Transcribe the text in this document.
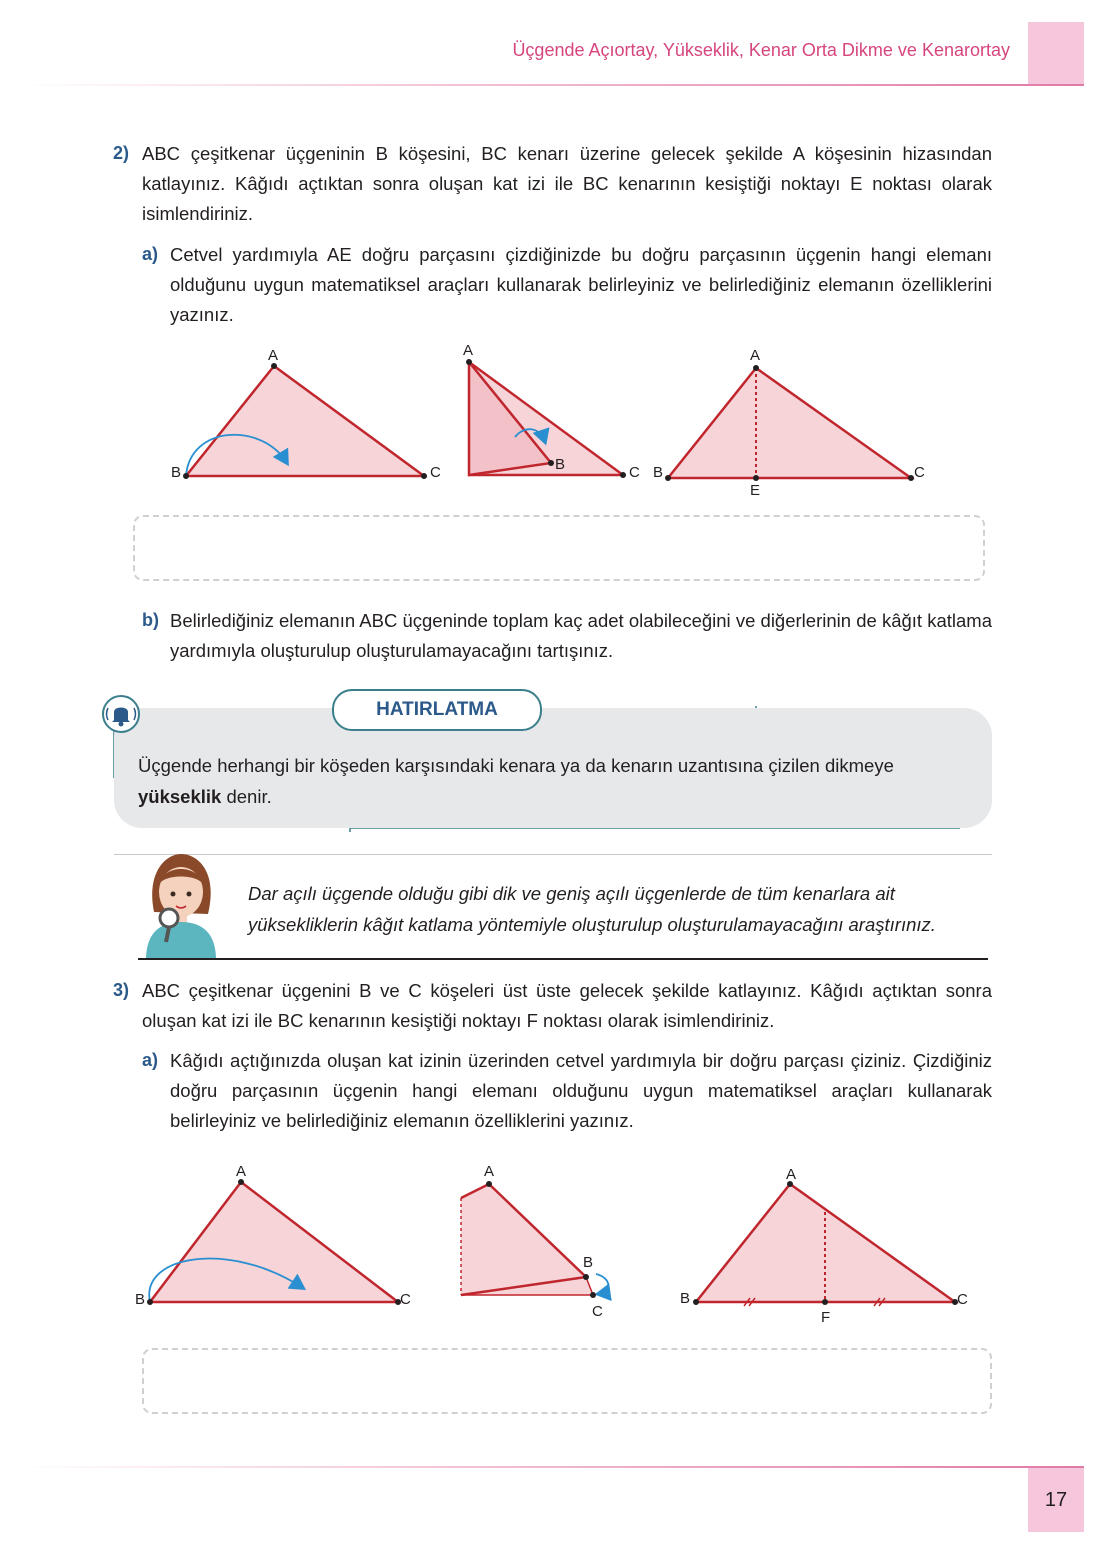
Üçgende Açıortay, Yükseklik, Kenar Orta Dikme ve Kenarortay
2) ABC çeşitkenar üçgeninin B köşesini, BC kenarı üzerine gelecek şekilde A köşesinin hizasından katlayınız. Kâğıdı açtıktan sonra oluşan kat izi ile BC kenarının kesiştiği noktayı E noktası olarak isimlendiriniz.
a) Cetvel yardımıyla AE doğru parçasını çizdiğinizde bu doğru parçasının üçgenin hangi elemanı olduğunu uygun matematiksel araçları kullanarak belirleyiniz ve belirlediğiniz elemanın özelliklerini yazınız.
A
B	C
A
B	C
A
B	C
E
b) Belirlediğiniz elemanın ABC üçgeninde toplam kaç adet olabileceğini ve diğerlerinin de kâğıt katlama yardımıyla oluşturulup oluşturulamayacağını tartışınız.
HATIRLATMA
Üçgende herhangi bir köşeden karşısındaki kenara ya da kenarın uzantısına çizilen dikmeye yükseklik denir.
Dar açılı üçgende olduğu gibi dik ve geniş açılı üçgenlerde de tüm kenarlara ait yüksekliklerin kâğıt katlama yöntemiyle oluşturulup oluşturulamayacağını araştırınız.
3) ABC çeşitkenar üçgenini B ve C köşeleri üst üste gelecek şekilde katlayınız. Kâğıdı açtıktan sonra oluşan kat izi ile BC kenarının kesiştiği noktayı F noktası olarak isimlendiriniz.
a) Kâğıdı açtığınızda oluşan kat izinin üzerinden cetvel yardımıyla bir doğru parçası çiziniz. Çizdiğiniz doğru parçasının üçgenin hangi elemanı olduğunu uygun matematiksel araçları kullanarak belirleyiniz ve belirlediğiniz elemanın özelliklerini yazınız.
A
B	C
A
B
C
A
B	C
F
17
